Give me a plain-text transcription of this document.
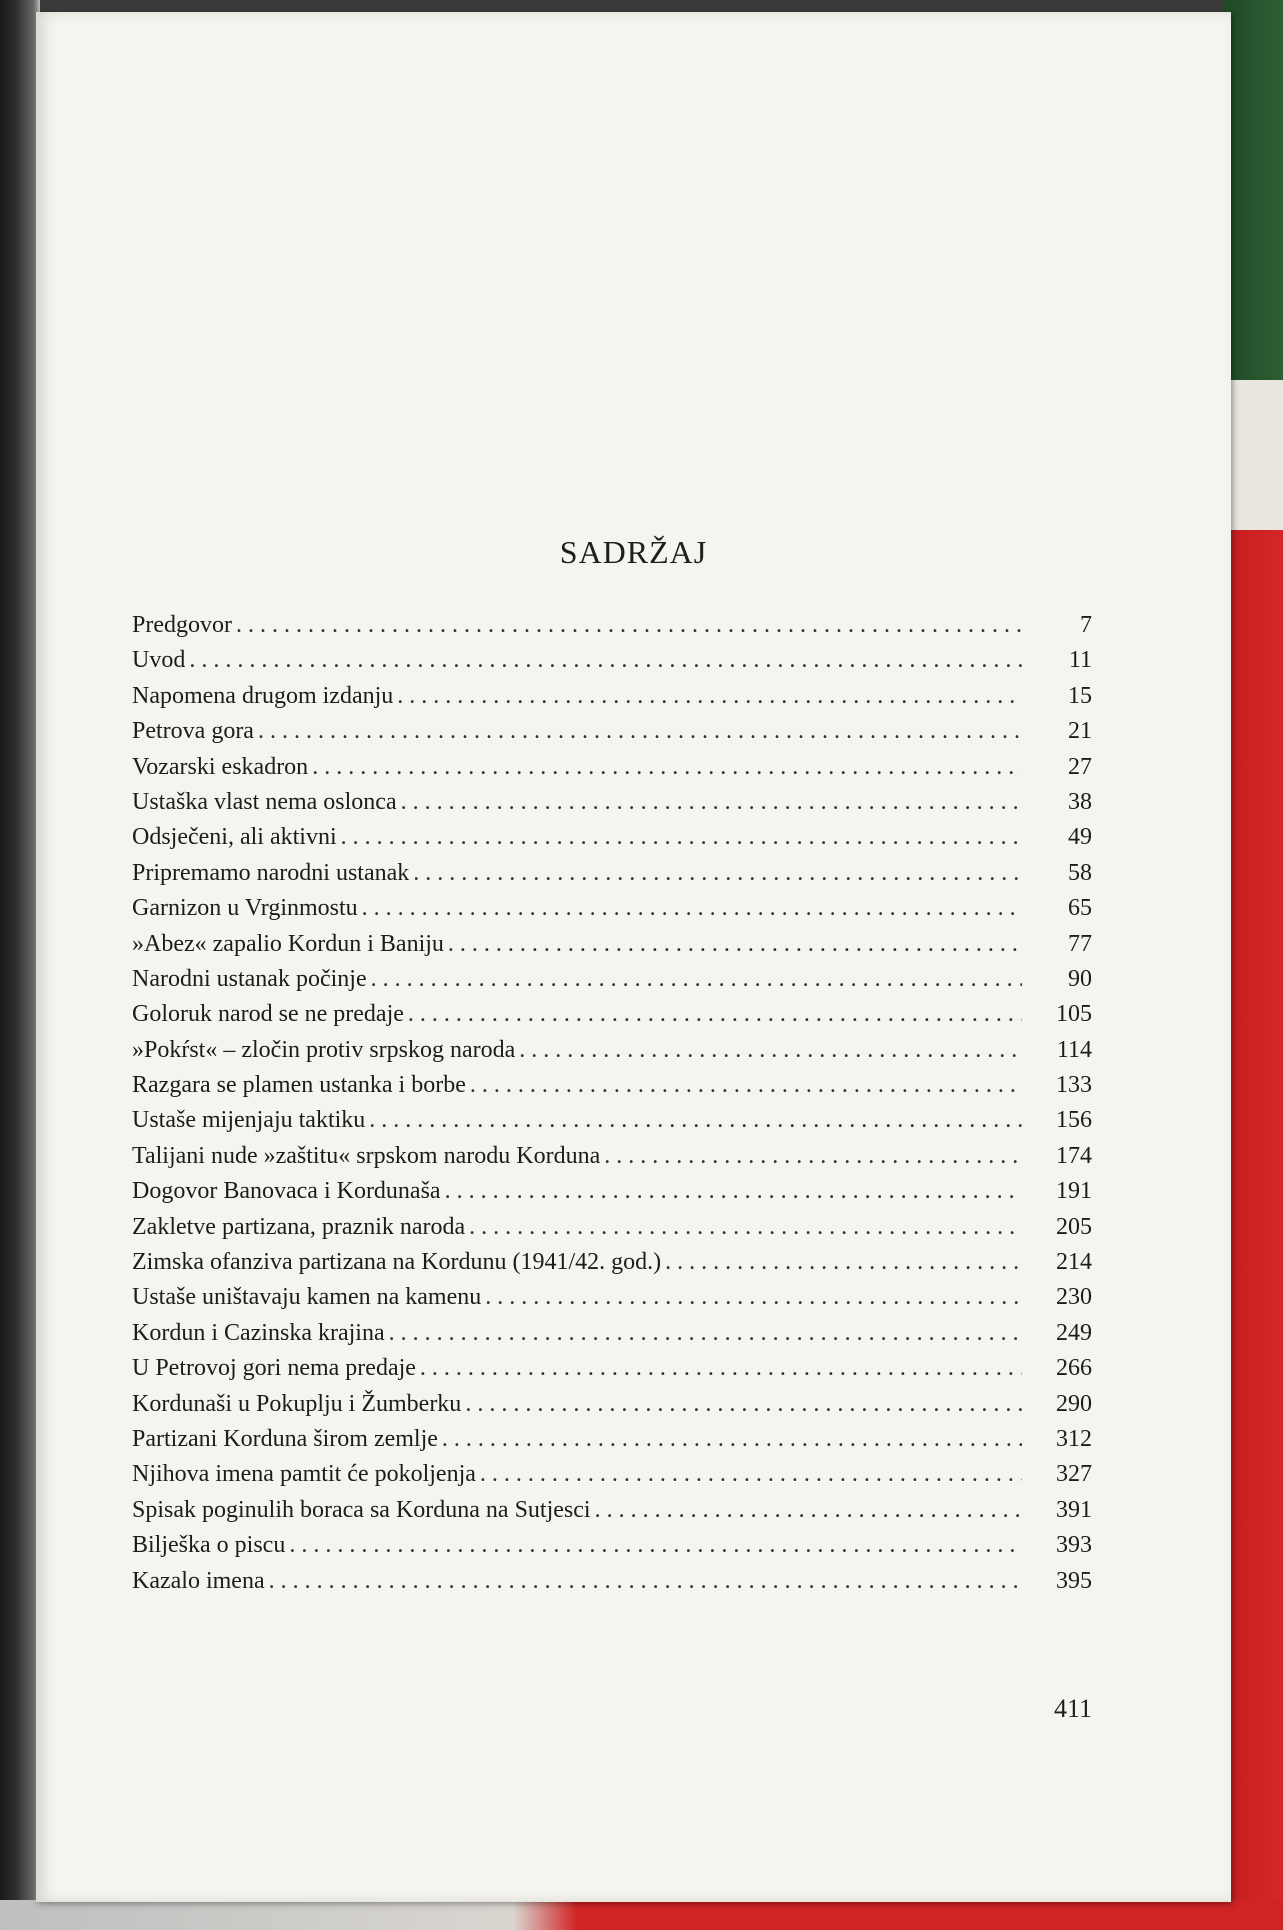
SADRŽAJ
Predgovor . . .	7
Uvod . . .	11
Napomena drugom izdanju . . .	15
Petrova gora . . .	21
Vozarski eskadron . . .	27
Ustaška vlast nema oslonca . . .	38
Odsječeni, ali aktivni . . .	49
Pripremamo narodni ustanak . . .	58
Garnizon u Vrginmostu . . .	65
»Abez« zapalio Kordun i Baniju . . .	77
Narodni ustanak počinje . . .	90
Goloruk narod se ne predaje . . .	105
»Pokŕst« – zločin protiv srpskog naroda . . .	114
Razgara se plamen ustanka i borbe . . .	133
Ustaše mijenjaju taktiku . . .	156
Talijani nude »zaštitu« srpskom narodu Korduna . . .	174
Dogovor Banovaca i Kordunaša . . .	191
Zakletve partizana, praznik naroda . . .	205
Zimska ofanziva partizana na Kordunu (1941/42. god.) . . .	214
Ustaše uništavaju kamen na kamenu . . .	230
Kordun i Cazinska krajina . . .	249
U Petrovoj gori nema predaje . . .	266
Kordunaši u Pokuplju i Žumberku . . .	290
Partizani Korduna širom zemlje . . .	312
Njihova imena pamtit će pokoljenja . . .	327
Spisak poginulih boraca sa Korduna na Sutjesci . . .	391
Bilješka o piscu . . .	393
Kazalo imena . . .	395
411
